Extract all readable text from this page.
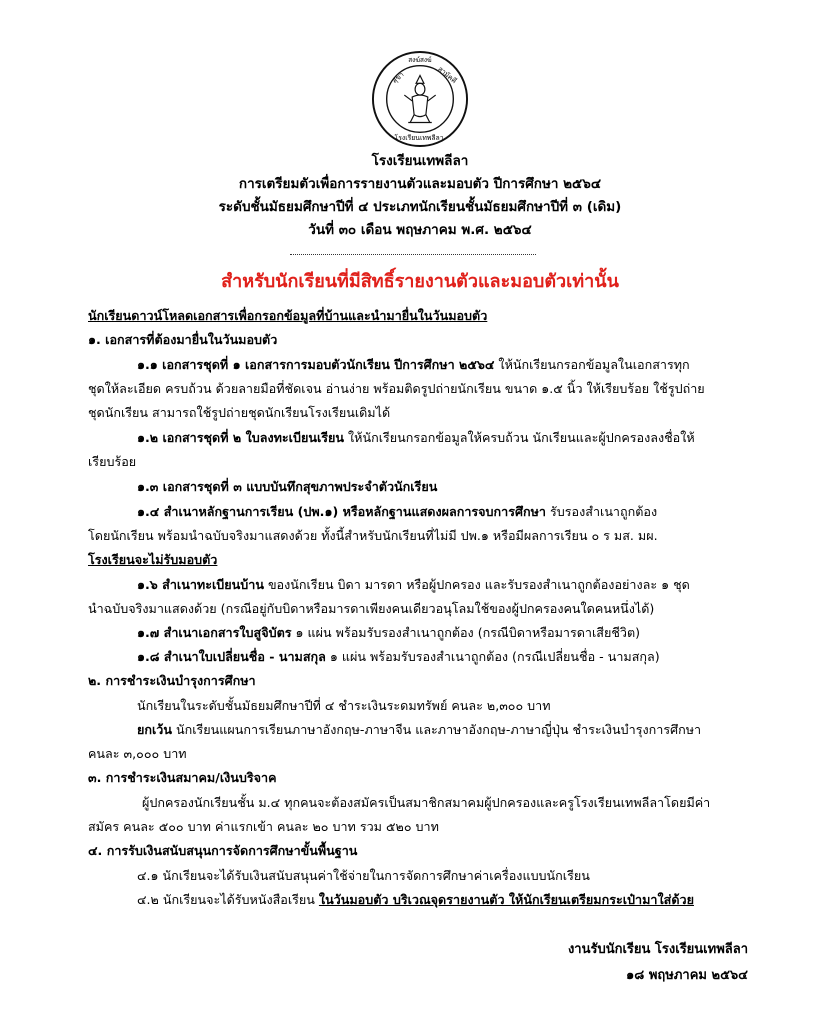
สุขา
สงฆ์สงฆ์
สามัคคี
โรงเรียนเทพลีลา
โรงเรียนเทพลีลา
การเตรียมตัวเพื่อการรายงานตัวและมอบตัว ปีการศึกษา ๒๕๖๔
ระดับชั้นมัธยมศึกษาปีที่ ๔ ประเภทนักเรียนชั้นมัธยมศึกษาปีที่ ๓ (เดิม)
วันที่ ๓๐ เดือน พฤษภาคม พ.ศ. ๒๕๖๔
สำหรับนักเรียนที่มีสิทธิ์รายงานตัวและมอบตัวเท่านั้น
นักเรียนดาวน์โหลดเอกสารเพื่อกรอกข้อมูลที่บ้านและนำมายื่นในวันมอบตัว
๑. เอกสารที่ต้องมายื่นในวันมอบตัว
๑.๑ เอกสารชุดที่ ๑ เอกสารการมอบตัวนักเรียน ปีการศึกษา ๒๕๖๔ ให้นักเรียนกรอกข้อมูลในเอกสารทุก
ชุดให้ละเอียด ครบถ้วน ด้วยลายมือที่ชัดเจน อ่านง่าย พร้อมติดรูปถ่ายนักเรียน ขนาด ๑.๕ นิ้ว ให้เรียบร้อย ใช้รูปถ่าย
ชุดนักเรียน สามารถใช้รูปถ่ายชุดนักเรียนโรงเรียนเดิมได้
๑.๒ เอกสารชุดที่ ๒ ใบลงทะเบียนเรียน ให้นักเรียนกรอกข้อมูลให้ครบถ้วน นักเรียนและผู้ปกครองลงชื่อให้
เรียบร้อย
๑.๓ เอกสารชุดที่ ๓ แบบบันทึกสุขภาพประจำตัวนักเรียน
๑.๔ สำเนาหลักฐานการเรียน (ปพ.๑) หรือหลักฐานแสดงผลการจบการศึกษา รับรองสำเนาถูกต้อง
โดยนักเรียน พร้อมนำฉบับจริงมาแสดงด้วย ทั้งนี้สำหรับนักเรียนที่ไม่มี ปพ.๑ หรือมีผลการเรียน ๐ ร มส. มผ.
โรงเรียนจะไม่รับมอบตัว
๑.๖ สำเนาทะเบียนบ้าน ของนักเรียน บิดา มารดา หรือผู้ปกครอง และรับรองสำเนาถูกต้องอย่างละ ๑ ชุด
นำฉบับจริงมาแสดงด้วย (กรณีอยู่กับบิดาหรือมารดาเพียงคนเดียวอนุโลมใช้ของผู้ปกครองคนใดคนหนึ่งได้)
๑.๗ สำเนาเอกสารใบสูจิบัตร ๑ แผ่น พร้อมรับรองสำเนาถูกต้อง (กรณีบิดาหรือมารดาเสียชีวิต)
๑.๘ สำเนาใบเปลี่ยนชื่อ - นามสกุล ๑ แผ่น พร้อมรับรองสำเนาถูกต้อง (กรณีเปลี่ยนชื่อ - นามสกุล)
๒. การชำระเงินบำรุงการศึกษา
นักเรียนในระดับชั้นมัธยมศึกษาปีที่ ๔ ชำระเงินระดมทรัพย์ คนละ ๒,๓๐๐ บาท
ยกเว้น นักเรียนแผนการเรียนภาษาอังกฤษ-ภาษาจีน และภาษาอังกฤษ-ภาษาญี่ปุ่น ชำระเงินบำรุงการศึกษา
คนละ ๓,๐๐๐ บาท
๓. การชำระเงินสมาคม/เงินบริจาค
ผู้ปกครองนักเรียนชั้น ม.๔ ทุกคนจะต้องสมัครเป็นสมาชิกสมาคมผู้ปกครองและครูโรงเรียนเทพลีลาโดยมีค่า
สมัคร คนละ ๕๐๐ บาท ค่าแรกเข้า คนละ ๒๐ บาท รวม ๕๒๐ บาท
๔. การรับเงินสนับสนุนการจัดการศึกษาขั้นพื้นฐาน
๔.๑ นักเรียนจะได้รับเงินสนับสนุนค่าใช้จ่ายในการจัดการศึกษาค่าเครื่องแบบนักเรียน
๔.๒ นักเรียนจะได้รับหนังสือเรียน ในวันมอบตัว บริเวณจุดรายงานตัว ให้นักเรียนเตรียมกระเป๋ามาใส่ด้วย
งานรับนักเรียน โรงเรียนเทพลีลา
๑๘ พฤษภาคม ๒๕๖๔
